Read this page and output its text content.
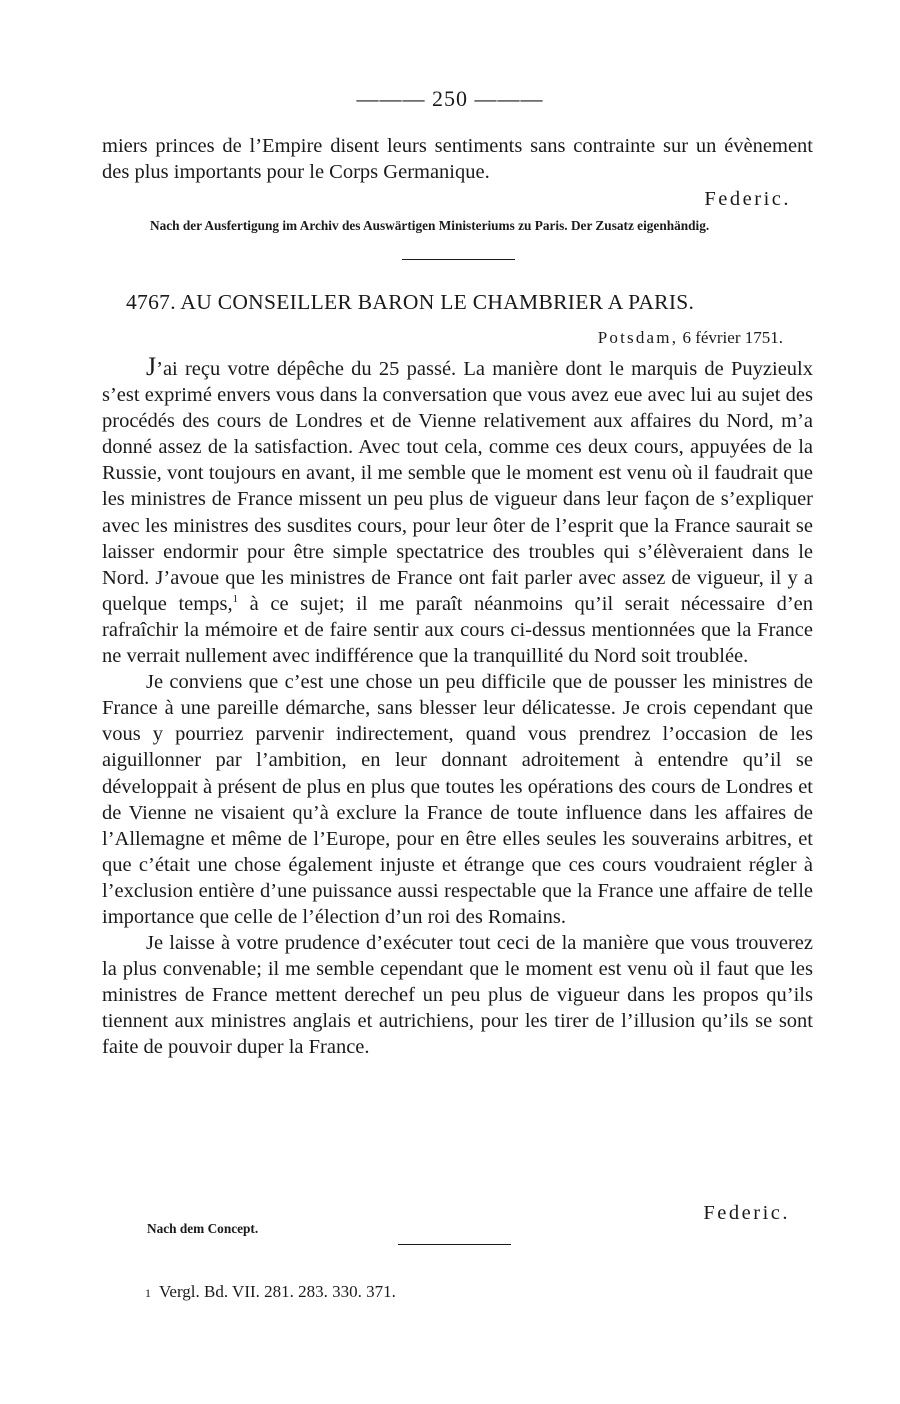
——— 250 ———

miers princes de l’Empire disent leurs sentiments sans contrainte sur un évènement des plus importants pour le Corps Germanique.

Federic.
Nach der Ausfertigung im Archiv des Auswärtigen Ministeriums zu Paris. Der Zusatz eigenhändig.
4767. AU CONSEILLER BARON LE CHAMBRIER A PARIS.
Potsdam, 6 février 1751.

J’ai reçu votre dépêche du 25 passé. La manière dont le marquis de Puyzieulx s’est exprimé envers vous dans la conversation que vous avez eue avec lui au sujet des procédés des cours de Londres et de Vienne relativement aux affaires du Nord, m’a donné assez de la satisfaction. Avec tout cela, comme ces deux cours, appuyées de la Russie, vont toujours en avant, il me semble que le moment est venu où il faudrait que les ministres de France missent un peu plus de vigueur dans leur façon de s’expliquer avec les ministres des susdites cours, pour leur ôter de l’esprit que la France saurait se laisser endormir pour être simple spectatrice des troubles qui s’élèveraient dans le Nord. J’avoue que les ministres de France ont fait parler avec assez de vigueur, il y a quelque temps,$^1$ à ce sujet; il me paraît néanmoins qu’il serait nécessaire d’en rafraîchir la mémoire et de faire sentir aux cours ci-dessus mentionnées que la France ne verrait nullement avec indifférence que la tranquillité du Nord soit troublée.

Je conviens que c’est une chose un peu difficile que de pousser les ministres de France à une pareille démarche, sans blesser leur délicatesse. Je crois cependant que vous y pourriez parvenir indirectement, quand vous prendrez l’occasion de les aiguillonner par l’ambition, en leur donnant adroitement à entendre qu’il se développait à présent de plus en plus que toutes les opérations des cours de Londres et de Vienne ne visaient qu’à exclure la France de toute influence dans les affaires de l’Allemagne et même de l’Europe, pour en être elles seules les souverains arbitres, et que c’était une chose également injuste et étrange que ces cours voudraient régler à l’exclusion entière d’une puissance aussi respectable que la France une affaire de telle importance que celle de l’élection d’un roi des Romains.

Je laisse à votre prudence d’exécuter tout ceci de la manière que vous trouverez la plus convenable; il me semble cependant que le moment est venu où il faut que les ministres de France mettent derechef un peu plus de vigueur dans les propos qu’ils tiennent aux ministres anglais et autrichiens, pour les tirer de l’illusion qu’ils se sont faite de pouvoir duper la France.

Federic.
Nach dem Concept.
1 Vergl. Bd. VII. 281. 283. 330. 371.
